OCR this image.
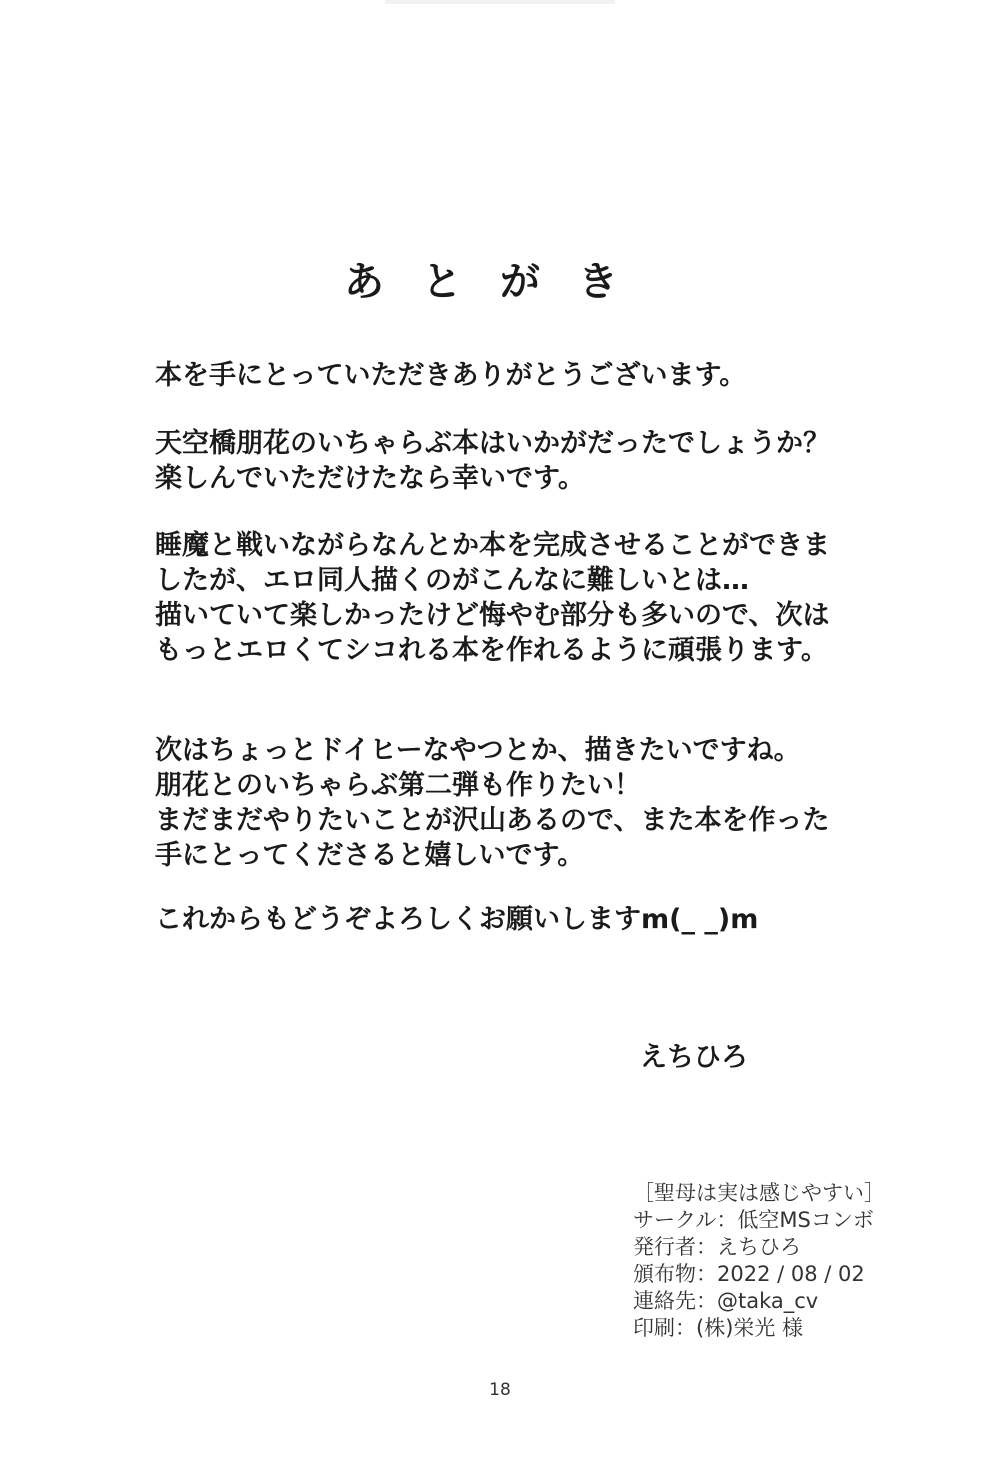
あとがき
本を手にとっていただきありがとうございます。
天空橋朋花のいちゃらぶ本はいかがだったでしょうか？
楽しんでいただけたなら幸いです。
睡魔と戦いながらなんとか本を完成させることができま
したが、エロ同人描くのがこんなに難しいとは…
描いていて楽しかったけど悔やむ部分も多いので、次は
もっとエロくてシコれる本を作れるように頑張ります。
次はちょっとドイヒーなやつとか、描きたいですね。
朋花とのいちゃらぶ第二弾も作りたい！
まだまだやりたいことが沢山あるので、また本を作った
手にとってくださると嬉しいです。
これからもどうぞよろしくお願いしますm(_ _)m
えちひろ
［聖母は実は感じやすい］
サークル：低空MSコンボ
発行者：えちひろ
頒布物：2022 / 08 / 02
連絡先：@taka_cv
印刷：(株)栄光 様
18
